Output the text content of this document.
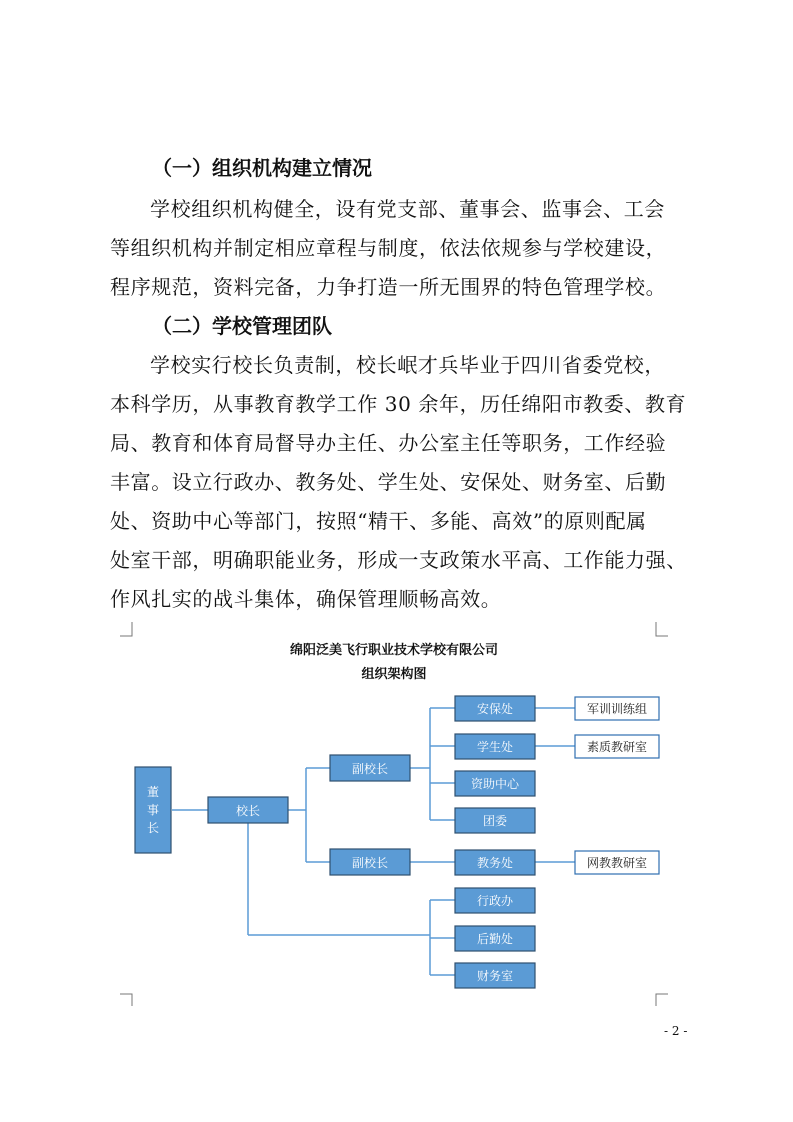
（一）组织机构建立情况
学校组织机构健全，设有党支部、董事会、监事会、工会
等组织机构并制定相应章程与制度，依法依规参与学校建设，
程序规范，资料完备，力争打造一所无围界的特色管理学校。
（二）学校管理团队
学校实行校长负责制，校长岷才兵毕业于四川省委党校，
本科学历，从事教育教学工作 30 余年，历任绵阳市教委、教育
局、教育和体育局督导办主任、办公室主任等职务，工作经验
丰富。设立行政办、教务处、学生处、安保处、财务室、后勤
处、资助中心等部门，按照“精干、多能、高效”的原则配属
处室干部，明确职能业务，形成一支政策水平高、工作能力强、
作风扎实的战斗集体，确保管理顺畅高效。
绵阳泛美飞行职业技术学校有限公司
组织架构图
董
事
长
校长
副校长
副校长
安保处
学生处
资助中心
团委
教务处
行政办
后勤处
财务室
军训训练组
素质教研室
网教教研室
- 2 -
